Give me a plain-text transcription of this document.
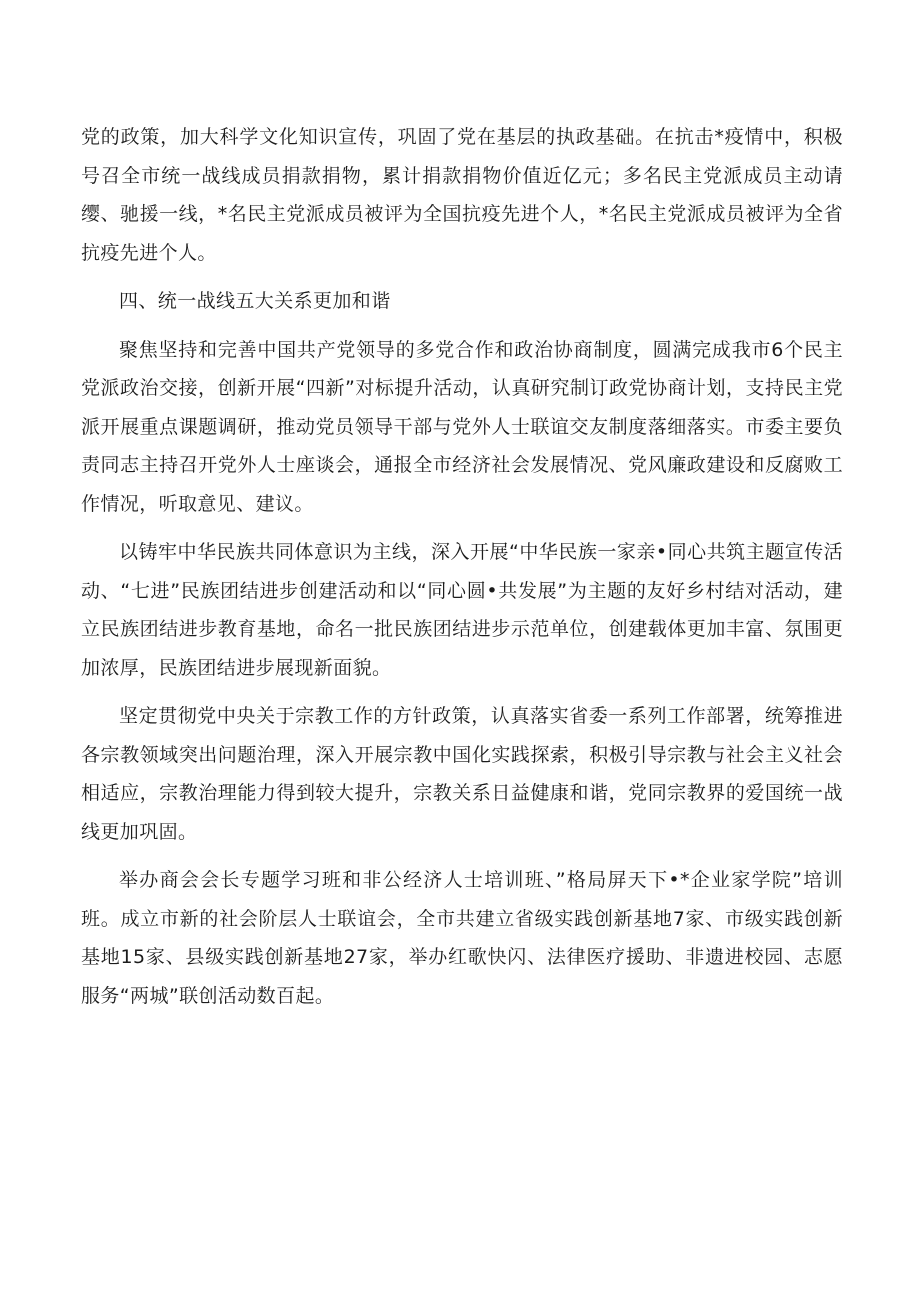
党的政策，加大科学文化知识宣传，巩固了党在基层的执政基础。在抗击*疫情中，积极号召全市统一战线成员捐款捐物，累计捐款捐物价值近亿元；多名民主党派成员主动请缨、驰援一线，*名民主党派成员被评为全国抗疫先进个人，*名民主党派成员被评为全省抗疫先进个人。

四、统一战线五大关系更加和谐

聚焦坚持和完善中国共产党领导的多党合作和政治协商制度，圆满完成我市6个民主党派政治交接，创新开展“四新”对标提升活动，认真研究制订政党协商计划，支持民主党派开展重点课题调研，推动党员领导干部与党外人士联谊交友制度落细落实。市委主要负责同志主持召开党外人士座谈会，通报全市经济社会发展情况、党风廉政建设和反腐败工作情况，听取意见、建议。

以铸牢中华民族共同体意识为主线，深入开展“中华民族一家亲•同心共筑主题宣传活动、“七进”民族团结进步创建活动和以“同心圆•共发展”为主题的友好乡村结对活动，建立民族团结进步教育基地，命名一批民族团结进步示范单位，创建载体更加丰富、氛围更加浓厚，民族团结进步展现新面貌。

坚定贯彻党中央关于宗教工作的方针政策，认真落实省委一系列工作部署，统筹推进各宗教领域突出问题治理，深入开展宗教中国化实践探索，积极引导宗教与社会主义社会相适应，宗教治理能力得到较大提升，宗教关系日益健康和谐，党同宗教界的爱国统一战线更加巩固。

举办商会会长专题学习班和非公经济人士培训班、”格局屏天下•*企业家学院”培训班。成立市新的社会阶层人士联谊会，全市共建立省级实践创新基地7家、市级实践创新基地15家、县级实践创新基地27家，举办红歌快闪、法律医疗援助、非遗进校园、志愿服务“两城”联创活动数百起。
